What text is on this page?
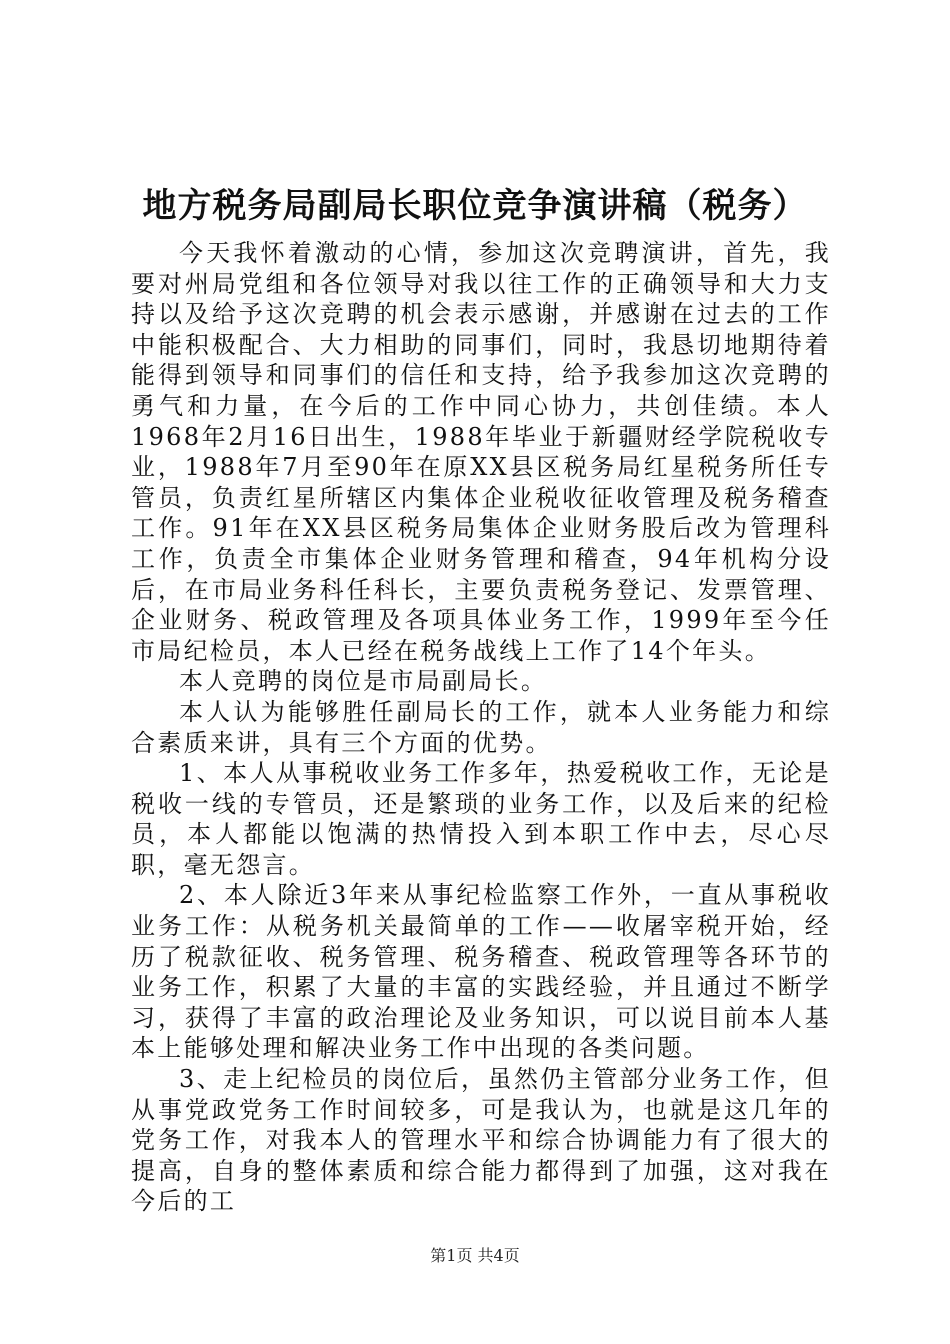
地方税务局副局长职位竞争演讲稿（税务）

今天我怀着激动的心情，参加这次竞聘演讲，首先，我要对州局党组和各位领导对我以往工作的正确领导和大力支持以及给予这次竞聘的机会表示感谢，并感谢在过去的工作中能积极配合、大力相助的同事们，同时，我恳切地期待着能得到领导和同事们的信任和支持，给予我参加这次竞聘的勇气和力量，在今后的工作中同心协力，共创佳绩。本人1968年2月16日出生，1988年毕业于新疆财经学院税收专业，1988年7月至90年在原XX县区税务局红星税务所任专管员，负责红星所辖区内集体企业税收征收管理及税务稽查工作。91年在XX县区税务局集体企业财务股后改为管理科工作，负责全市集体企业财务管理和稽查，94年机构分设后，在市局业务科任科长，主要负责税务登记、发票管理、企业财务、税政管理及各项具体业务工作，1999年至今任市局纪检员，本人已经在税务战线上工作了14个年头。

本人竞聘的岗位是市局副局长。

本人认为能够胜任副局长的工作，就本人业务能力和综合素质来讲，具有三个方面的优势。

1、本人从事税收业务工作多年，热爱税收工作，无论是税收一线的专管员，还是繁琐的业务工作，以及后来的纪检员，本人都能以饱满的热情投入到本职工作中去，尽心尽职，毫无怨言。

2、本人除近3年来从事纪检监察工作外，一直从事税收业务工作：从税务机关最简单的工作——收屠宰税开始，经历了税款征收、税务管理、税务稽查、税政管理等各环节的业务工作，积累了大量的丰富的实践经验，并且通过不断学习，获得了丰富的政治理论及业务知识，可以说目前本人基本上能够处理和解决业务工作中出现的各类问题。

3、走上纪检员的岗位后，虽然仍主管部分业务工作，但从事党政党务工作时间较多，可是我认为，也就是这几年的党务工作，对我本人的管理水平和综合协调能力有了很大的提高，自身的整体素质和综合能力都得到了加强，这对我在今后的工

第1页 共4页
